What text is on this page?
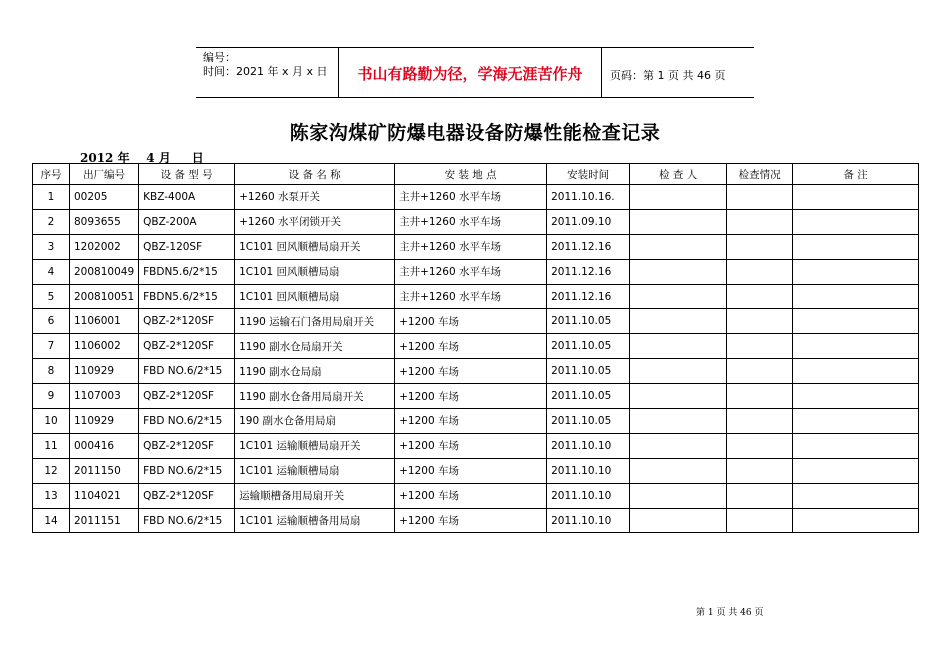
编号：
时间：2021 年 x 月 x 日	书山有路勤为径，学海无涯苦作舟	页码：第 1 页 共 46 页
陈家沟煤矿防爆电器设备防爆性能检查记录
2012 年    4 月     日
序号	出厂编号	设 备 型 号	设 备 名 称	安 装 地 点	安装时间	检 查 人	检查情况	备 注
1	00205	KBZ-400A	+1260 水泵开关	主井+1260 水平车场	2011.10.16.			
2	8093655	QBZ-200A	+1260 水平闭锁开关	主井+1260 水平车场	2011.09.10			
3	1202002	QBZ-120SF	1C101 回风顺槽局扇开关	主井+1260 水平车场	2011.12.16			
4	200810049	FBDN5.6/2*15	1C101 回风顺槽局扇	主井+1260 水平车场	2011.12.16			
5	200810051	FBDN5.6/2*15	1C101 回风顺槽局扇	主井+1260 水平车场	2011.12.16			
6	1106001	QBZ-2*120SF	1190 运输石门备用局扇开关	+1200 车场	2011.10.05			
7	1106002	QBZ-2*120SF	1190 副水仓局扇开关	+1200 车场	2011.10.05			
8	110929	FBD NO.6/2*15	1190 副水仓局扇	+1200 车场	2011.10.05			
9	1107003	QBZ-2*120SF	1190 副水仓备用局扇开关	+1200 车场	2011.10.05			
10	110929	FBD NO.6/2*15	190 副水仓备用局扇	+1200 车场	2011.10.05			
11	000416	QBZ-2*120SF	1C101 运输顺槽局扇开关	+1200 车场	2011.10.10			
12	2011150	FBD NO.6/2*15	1C101 运输顺槽局扇	+1200 车场	2011.10.10			
13	1104021	QBZ-2*120SF	运输顺槽备用局扇开关	+1200 车场	2011.10.10			
14	2011151	FBD NO.6/2*15	1C101 运输顺槽备用局扇	+1200 车场	2011.10.10			
第 1 页 共 46 页
